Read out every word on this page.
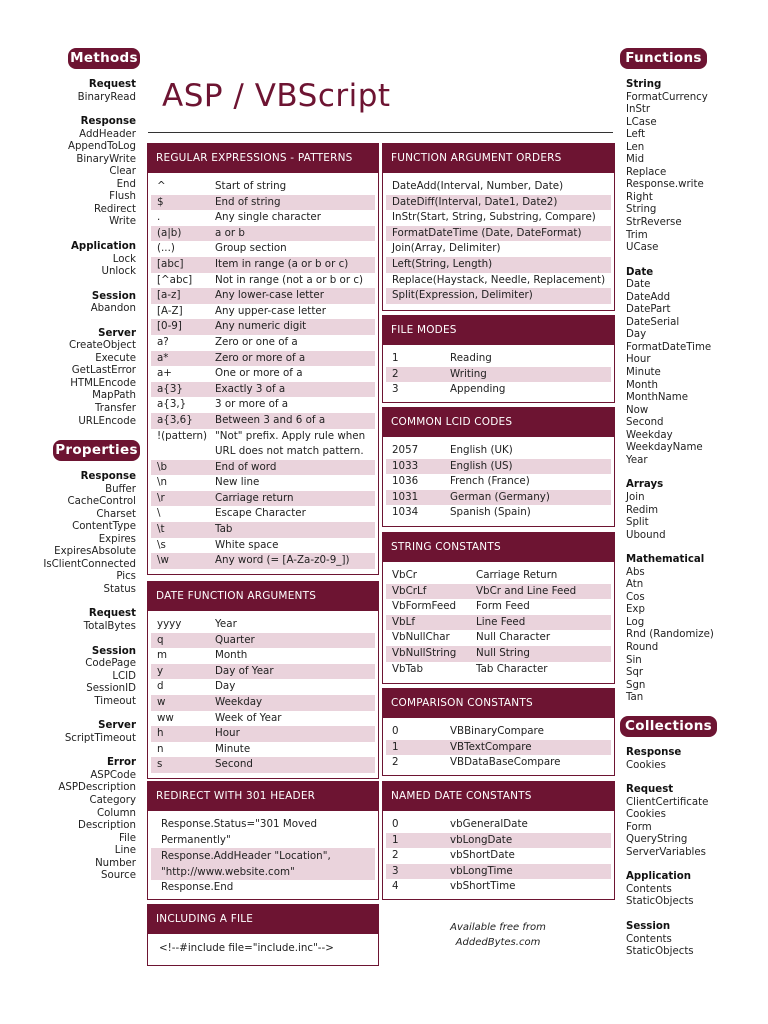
Methods
Request
BinaryRead
Response
AddHeader
AppendToLog
BinaryWrite
Clear
End
Flush
Redirect
Write
Application
Lock
Unlock
Session
Abandon
Server
CreateObject
Execute
GetLastError
HTMLEncode
MapPath
Transfer
URLEncode
Properties
Response
Buffer
CacheControl
Charset
ContentType
Expires
ExpiresAbsolute
IsClientConnected
Pics
Status
Request
TotalBytes
Session
CodePage
LCID
SessionID
Timeout
Server
ScriptTimeout
Error
ASPCode
ASPDescription
Category
Column
Description
File
Line
Number
Source
Functions
String
FormatCurrency
InStr
LCase
Left
Len
Mid
Replace
Response.write
Right
String
StrReverse
Trim
UCase
Date
Date
DateAdd
DatePart
DateSerial
Day
FormatDateTime
Hour
Minute
Month
MonthName
Now
Second
Weekday
WeekdayName
Year
Arrays
Join
Redim
Split
Ubound
Mathematical
Abs
Atn
Cos
Exp
Log
Rnd (Randomize)
Round
Sin
Sqr
Sgn
Tan
Collections
Response
Cookies
Request
ClientCertificate
Cookies
Form
QueryString
ServerVariables
Application
Contents
StaticObjects
Session
Contents
StaticObjects
ASP / VBScript
REGULAR EXPRESSIONS - PATTERNS
^	Start of string
$	End of string
.	Any single character
(a|b)	a or b
(...)	Group section
[abc]	Item in range (a or b or c)
[^abc]	Not in range (not a or b or c)
[a-z]	Any lower-case letter
[A-Z]	Any upper-case letter
[0-9]	Any numeric digit
a?	Zero or one of a
a*	Zero or more of a
a+	One or more of a
a{3}	Exactly 3 of a
a{3,}	3 or more of a
a{3,6}	Between 3 and 6 of a
!(pattern) "Not" prefix. Apply rule when URL does not match pattern.
\b	End of word
\n	New line
\r	Carriage return
\	Escape Character
\t	Tab
\s	White space
\w	Any word (= [A-Za-z0-9_])
DATE FUNCTION ARGUMENTS
yyyy	Year
q	Quarter
m	Month
y	Day of Year
d	Day
w	Weekday
ww	Week of Year
h	Hour
n	Minute
s	Second
REDIRECT WITH 301 HEADER
Response.Status="301 Moved Permanently"
Response.AddHeader "Location", "http://www.website.com"
Response.End
INCLUDING A FILE
<!--#include file="include.inc"-->
FUNCTION ARGUMENT ORDERS
DateAdd(Interval, Number, Date)
DateDiff(Interval, Date1, Date2)
InStr(Start, String, Substring, Compare)
FormatDateTime (Date, DateFormat)
Join(Array, Delimiter)
Left(String, Length)
Replace(Haystack, Needle, Replacement)
Split(Expression, Delimiter)
FILE MODES
1	Reading
2	Writing
3	Appending
COMMON LCID CODES
2057	English (UK)
1033	English (US)
1036	French (France)
1031	German (Germany)
1034	Spanish (Spain)
STRING CONSTANTS
VbCr	Carriage Return
VbCrLf	VbCr and Line Feed
VbFormFeed	Form Feed
VbLf	Line Feed
VbNullChar	Null Character
VbNullString	Null String
VbTab	Tab Character
COMPARISON CONSTANTS
0	VBBinaryCompare
1	VBTextCompare
2	VBDataBaseCompare
NAMED DATE CONSTANTS
0	vbGeneralDate
1	vbLongDate
2	vbShortDate
3	vbLongTime
4	vbShortTime
Available free from
AddedBytes.com
